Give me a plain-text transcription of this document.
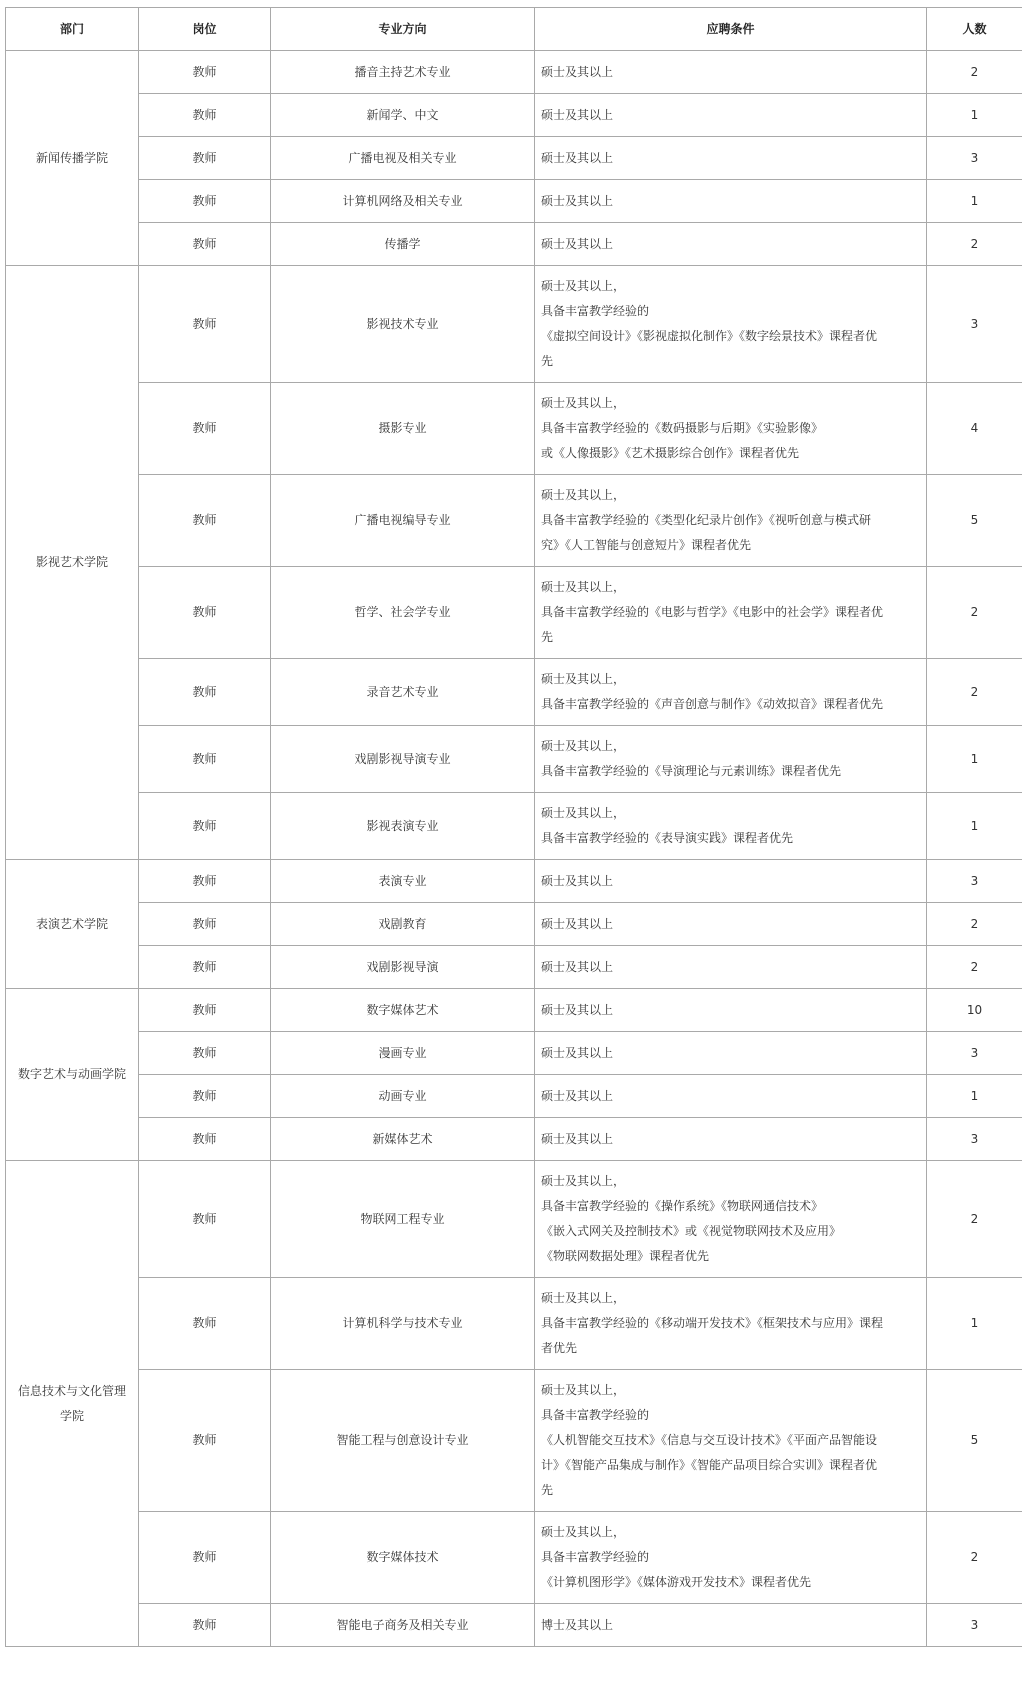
部门	岗位	专业方向	应聘条件	人数
新闻传播学院	教师	播音主持艺术专业	硕士及其以上	2
	教师	新闻学、中文	硕士及其以上	1
	教师	广播电视及相关专业	硕士及其以上	3
	教师	计算机网络及相关专业	硕士及其以上	1
	教师	传播学	硕士及其以上	2
影视艺术学院	教师	影视技术专业	硕士及其以上，
具备丰富教学经验的
《虚拟空间设计》《影视虚拟化制作》《数字绘景技术》课程者优
先	3
	教师	摄影专业	硕士及其以上，
具备丰富教学经验的《数码摄影与后期》《实验影像》
或《人像摄影》《艺术摄影综合创作》课程者优先	4
	教师	广播电视编导专业	硕士及其以上，
具备丰富教学经验的《类型化纪录片创作》《视听创意与模式研
究》《人工智能与创意短片》课程者优先	5
	教师	哲学、社会学专业	硕士及其以上，
具备丰富教学经验的《电影与哲学》《电影中的社会学》课程者优
先	2
	教师	录音艺术专业	硕士及其以上，
具备丰富教学经验的《声音创意与制作》《动效拟音》课程者优先	2
	教师	戏剧影视导演专业	硕士及其以上，
具备丰富教学经验的《导演理论与元素训练》课程者优先	1
	教师	影视表演专业	硕士及其以上，
具备丰富教学经验的《表导演实践》课程者优先	1
表演艺术学院	教师	表演专业	硕士及其以上	3
	教师	戏剧教育	硕士及其以上	2
	教师	戏剧影视导演	硕士及其以上	2
数字艺术与动画学院	教师	数字媒体艺术	硕士及其以上	10
	教师	漫画专业	硕士及其以上	3
	教师	动画专业	硕士及其以上	1
	教师	新媒体艺术	硕士及其以上	3
信息技术与文化管理学院	教师	物联网工程专业	硕士及其以上，
具备丰富教学经验的《操作系统》《物联网通信技术》
《嵌入式网关及控制技术》或《视觉物联网技术及应用》
《物联网数据处理》课程者优先	2
	教师	计算机科学与技术专业	硕士及其以上，
具备丰富教学经验的《移动端开发技术》《框架技术与应用》课程
者优先	1
	教师	智能工程与创意设计专业	硕士及其以上，
具备丰富教学经验的
《人机智能交互技术》《信息与交互设计技术》《平面产品智能设
计》《智能产品集成与制作》《智能产品项目综合实训》课程者优
先	5
	教师	数字媒体技术	硕士及其以上，
具备丰富教学经验的
《计算机图形学》《媒体游戏开发技术》课程者优先	2
	教师	智能电子商务及相关专业	博士及其以上	3
